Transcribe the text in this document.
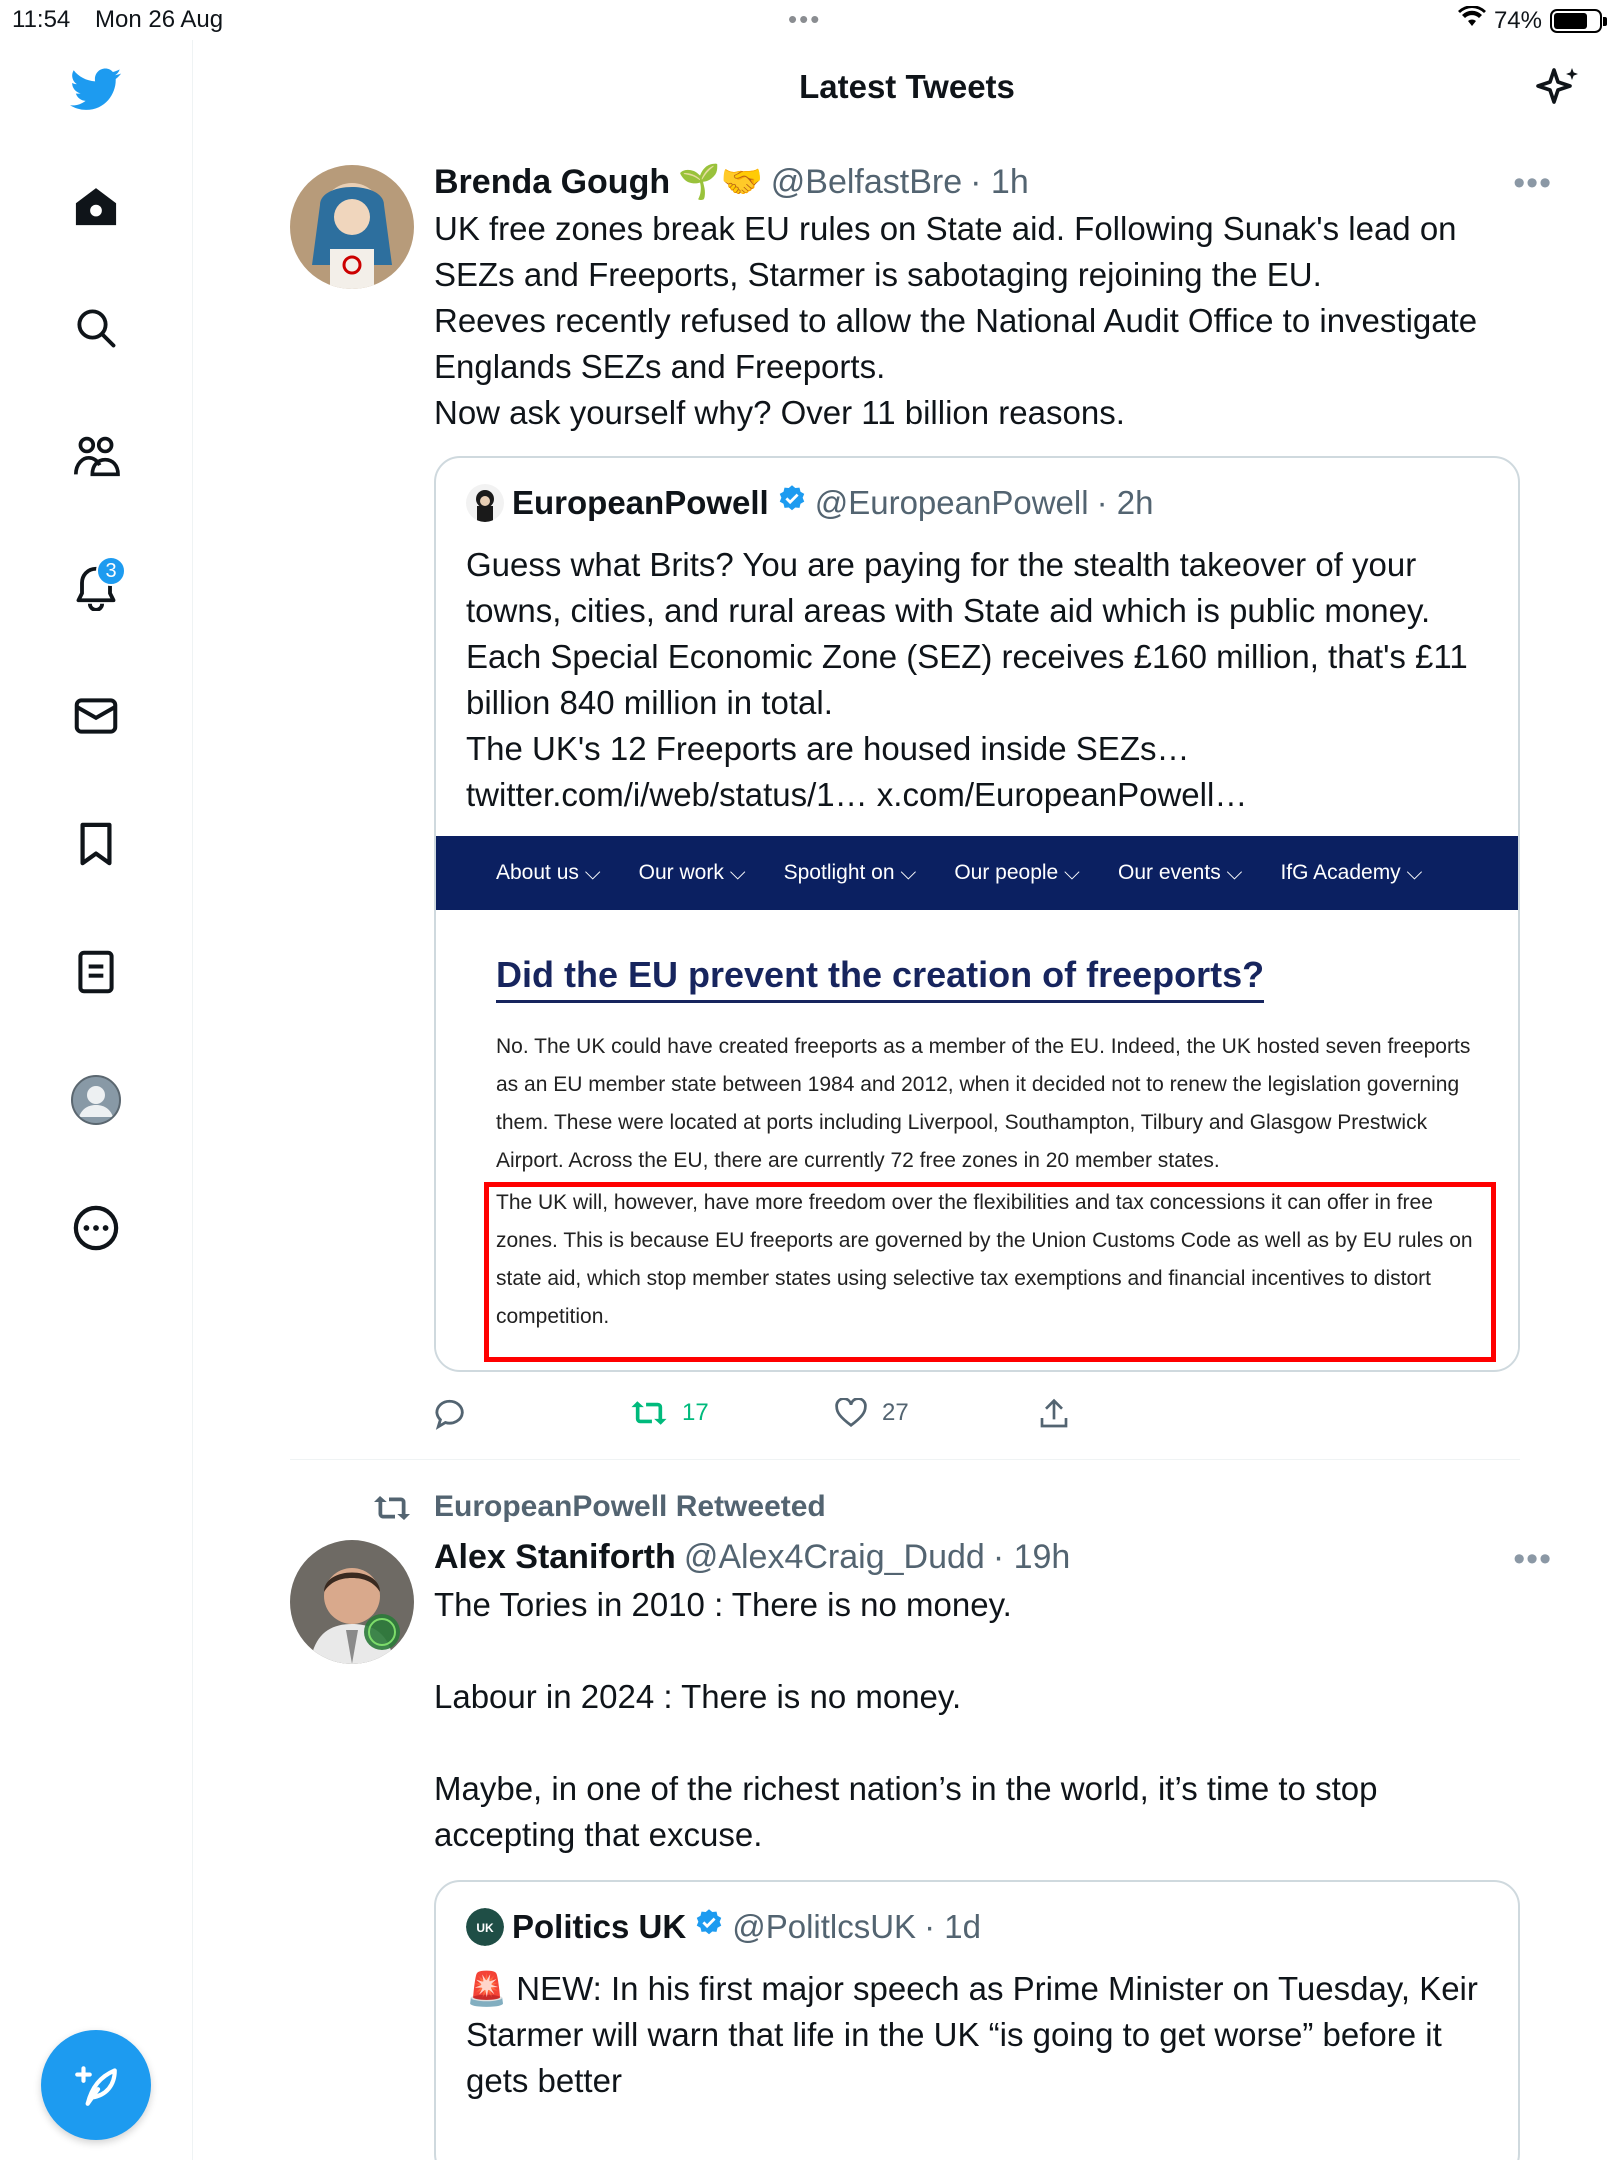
11:54 Mon 26 Aug	•••	74%
3
Latest Tweets
Brenda Gough 🌱🤝 @BelfastBre · 1h	•••

UK free zones break EU rules on State aid. Following Sunak's lead on SEZs and Freeports, Starmer is sabotaging rejoining the EU.

Reeves recently refused to allow the National Audit Office to investigate Englands SEZs and Freeports.

Now ask yourself why? Over 11 billion reasons.

EuropeanPowell @EuropeanPowell · 2h

Guess what Brits? You are paying for the stealth takeover of your towns, cities, and rural areas with State aid which is public money.

Each Special Economic Zone (SEZ) receives £160 million, that's £11 billion 840 million in total.

The UK's 12 Freeports are housed inside SEZs… twitter.com/i/web/status/1… x.com/EuropeanPowell…

About us ⌵ Our work ⌵ Spotlight on ⌵ Our people ⌵ Our events ⌵ IfG Academy ⌵
Did the EU prevent the creation of freeports?
No. The UK could have created freeports as a member of the EU. Indeed, the UK hosted seven freeports as an EU member state between 1984 and 2012, when it decided not to renew the legislation governing them. These were located at ports including Liverpool, Southampton, Tilbury and Glasgow Prestwick Airport. Across the EU, there are currently 72 free zones in 20 member states.
The UK will, however, have more freedom over the flexibilities and tax concessions it can offer in free zones. This is because EU freeports are governed by the Union Customs Code as well as by EU rules on state aid, which stop member states using selective tax exemptions and financial incentives to distort competition.
17	27
EuropeanPowell Retweeted
Alex Staniforth @Alex4Craig_Dudd · 19h	•••

The Tories in 2010 : There is no money.

Labour in 2024 : There is no money.

Maybe, in one of the richest nation’s in the world, it’s time to stop accepting that excuse.

UK Politics UK @PolitlcsUK · 1d
🚨 NEW: In his first major speech as Prime Minister on Tuesday, Keir Starmer will warn that life in the UK “is going to get worse” before it gets better
